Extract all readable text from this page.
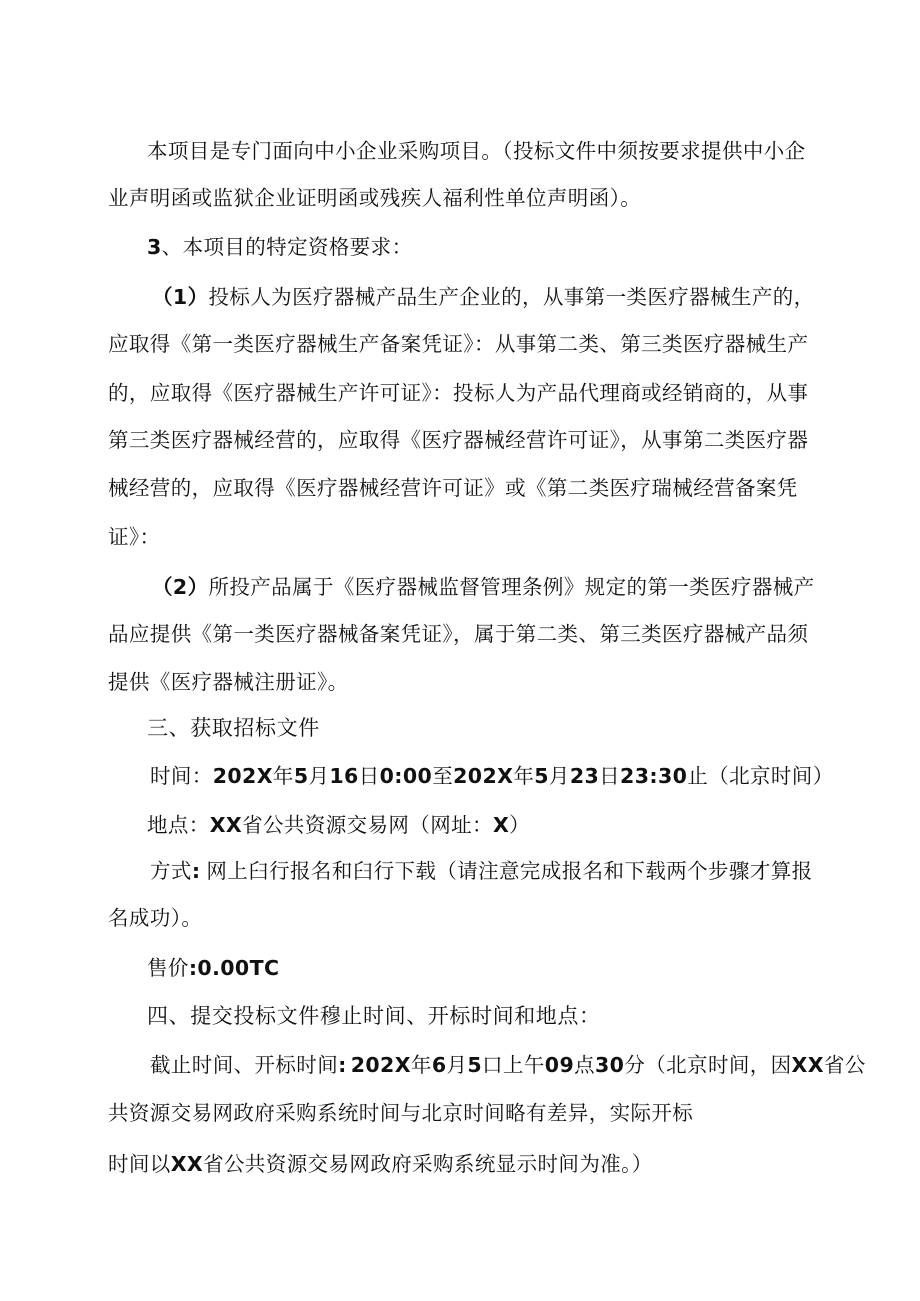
本项目是专门面向中小企业采购项目。（投标文件中须按要求提供中小企
业声明函或监狱企业证明函或残疾人福利性单位声明函）。
3、本项目的特定资格要求：
（1）投标人为医疗器械产品生产企业的，从事第一类医疗器械生产的，
应取得《第一类医疗器械生产备案凭证》：从事第二类、第三类医疗器械生产
的，应取得《医疗器械生产许可证》：投标人为产品代理商或经销商的，从事
第三类医疗器械经营的，应取得《医疗器械经营许可证》，从事第二类医疗器
械经营的，应取得《医疗器械经营许可证》或《第二类医疗瑞械经营备案凭
证》：
（2）所投产品属于《医疗器械监督管理条例》规定的第一类医疗器械产
品应提供《第一类医疗器械备案凭证》，属于第二类、第三类医疗器械产品须
提供《医疗器械注册证》。
三、获取招标文件
时间：202X年5月16日0:00至202X年5月23日23:30止（北京时间）
地点：XX省公共资源交易网（网址：X）
方式: 网上臼行报名和臼行下载（请注意完成报名和下载两个步骤才算报
名成功）。
售价:0.00TC
四、提交投标文件穆止时间、开标时间和地点：
截止时间、开标时间: 202X年6月5口上午09点30分（北京时间，因XX省公
共资源交易网政府采购系统时间与北京时间略有差异，实际开标
时间以XX省公共资源交易网政府采购系统显示时间为准。）
